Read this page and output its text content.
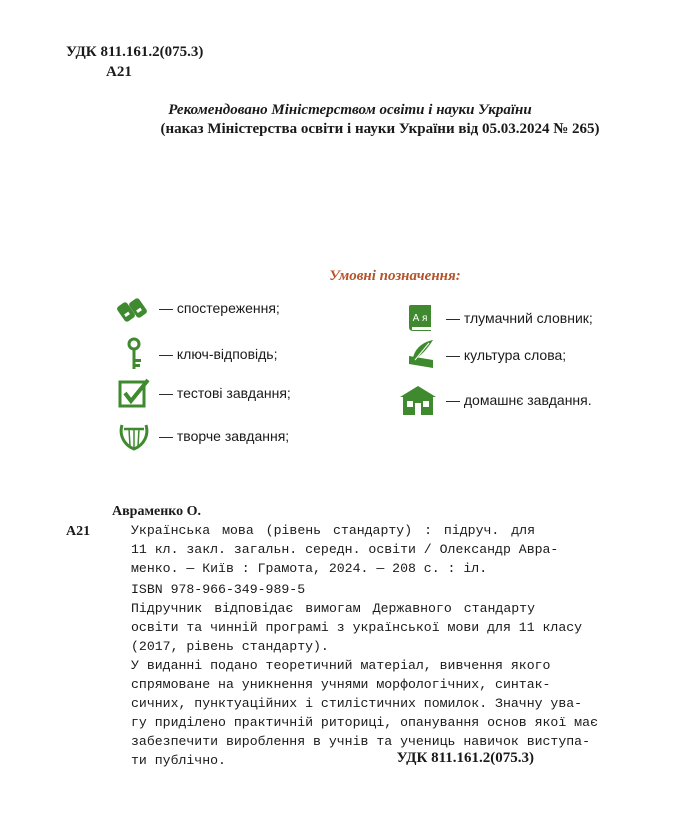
УДК 811.161.2(075.3)
А21
Рекомендовано Міністерством освіти і науки України
(наказ Міністерства освіти і науки України від 05.03.2024 № 265)
Умовні позначення:
— спостереження;
— ключ-відповідь;
— тестові завдання;
— творче завдання;
А я — тлумачний словник;
— культура слова;
— домашнє завдання.
Авраменко О.
А21	Українська мова (рівень стандарту) : підруч. для
11 кл. закл. загальн. середн. освіти / Олександр Авра-
менко. — Київ : Грамота, 2024. — 208 с. : іл.
ISBN 978-966-349-989-5
Підручник відповідає вимогам Державного стандарту
освіти та чинній програмі з української мови для 11 класу
(2017, рівень стандарту).
У виданні подано теоретичний матеріал, вивчення якого
спрямоване на уникнення учнями морфологічних, синтак-
сичних, пунктуаційних і стилістичних помилок. Значну ува-
гу приділено практичній риториці, опанування основ якої має
забезпечити вироблення в учнів та учениць навичок виступа-
ти публічно.	УДК 811.161.2(075.3)
